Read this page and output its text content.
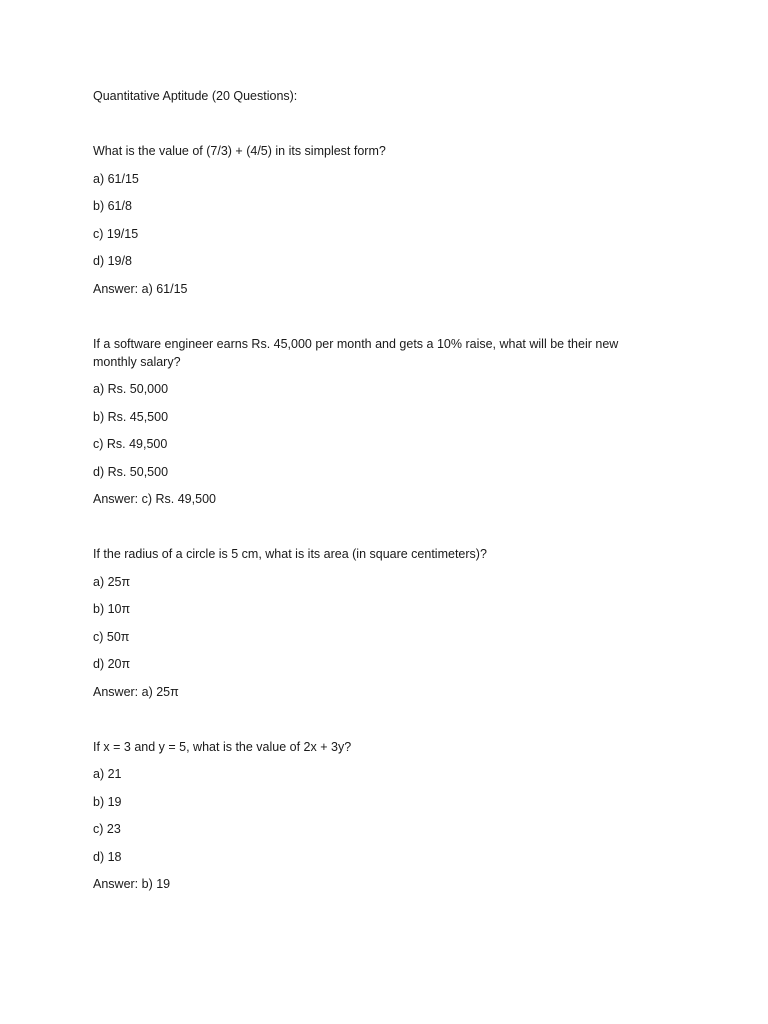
Quantitative Aptitude (20 Questions):

What is the value of (7/3) + (4/5) in its simplest form?

a) 61/15

b) 61/8

c) 19/15

d) 19/8

Answer: a) 61/15

If a software engineer earns Rs. 45,000 per month and gets a 10% raise, what will be their new monthly salary?

a) Rs. 50,000

b) Rs. 45,500

c) Rs. 49,500

d) Rs. 50,500

Answer: c) Rs. 49,500

If the radius of a circle is 5 cm, what is its area (in square centimeters)?

a) 25π

b) 10π

c) 50π

d) 20π

Answer: a) 25π

If x = 3 and y = 5, what is the value of 2x + 3y?

a) 21

b) 19

c) 23

d) 18

Answer: b) 19
